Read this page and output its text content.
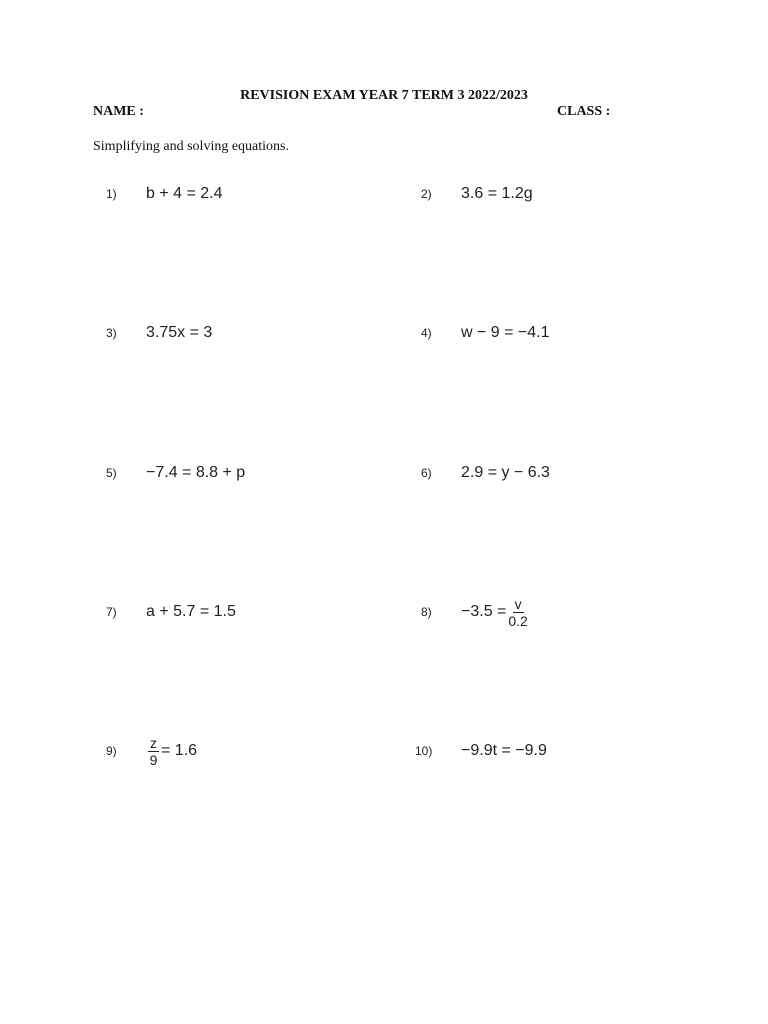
REVISION EXAM YEAR 7 TERM 3 2022/2023
NAME :	CLASS :
Simplifying and solving equations.
1)	b + 4 = 2.4	2)	3.6 = 1.2g
3)	3.75x = 3	4)	w − 9 = −4.1
5)	−7.4 = 8.8 + p	6)	2.9 = y − 6.3
7)	a + 5.7 = 1.5	8)	$-3.5 = \frac{v}{0.2}$
9)	$\frac{z}{9} = 1.6$	10)	−9.9t = −9.9
